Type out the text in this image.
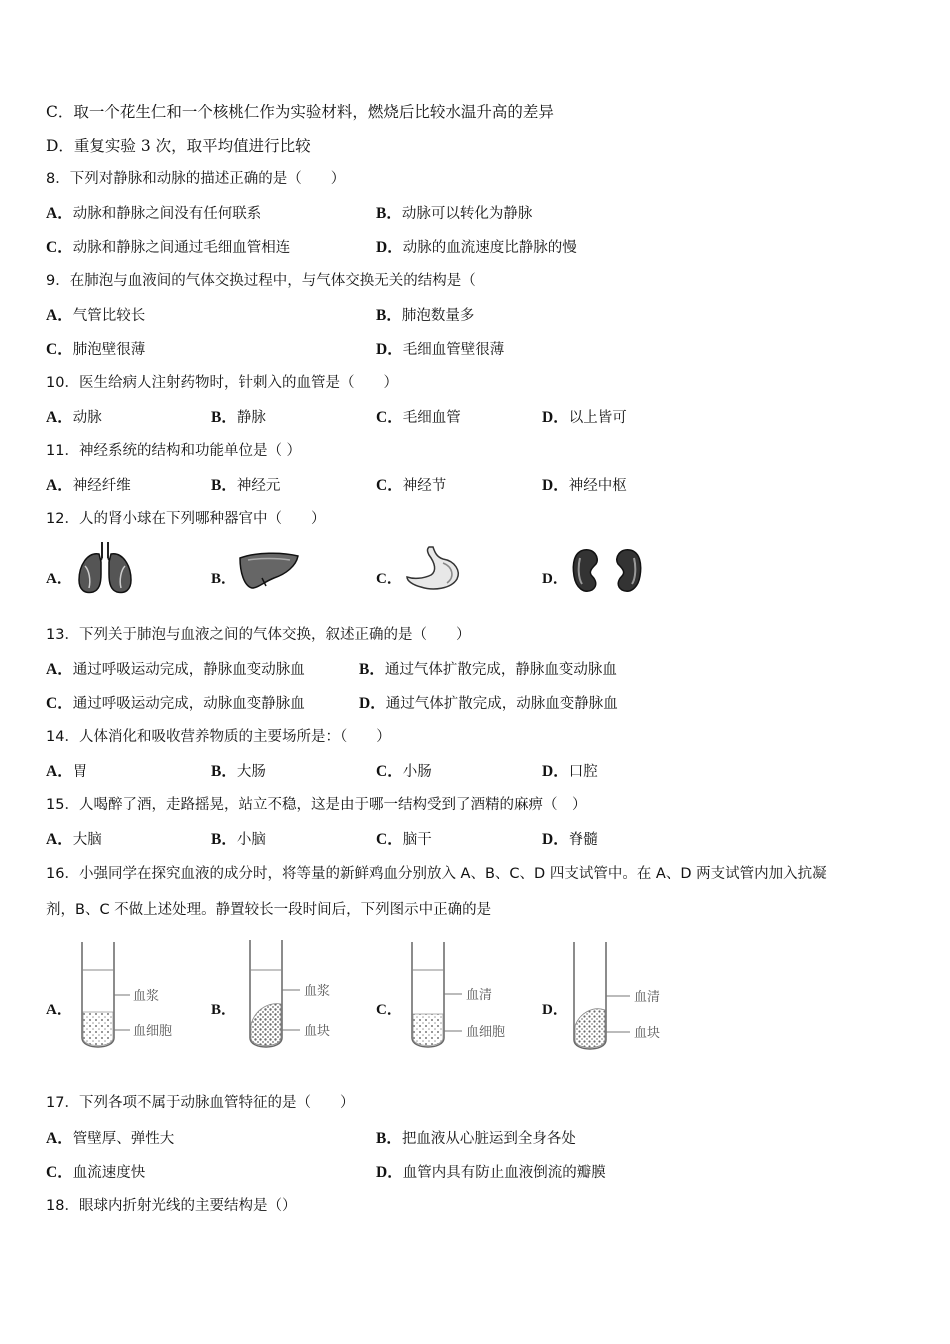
C．取一个花生仁和一个核桃仁作为实验材料，燃烧后比较水温升高的差异
D．重复实验 3 次，取平均值进行比较
8．下列对静脉和动脉的描述正确的是（　　）
A．动脉和静脉之间没有任何联系	B．动脉可以转化为静脉
C．动脉和静脉之间通过毛细血管相连	D．动脉的血流速度比静脉的慢
9．在肺泡与血液间的气体交换过程中，与气体交换无关的结构是（
A．气管比较长	B．肺泡数量多
C．肺泡壁很薄	D．毛细血管壁很薄
10．医生给病人注射药物时，针刺入的血管是（　　）
A．动脉	B．静脉	C．毛细血管	D．以上皆可
11．神经系统的结构和功能单位是（ ）
A．神经纤维	B．神经元	C．神经节	D．神经中枢
12．人的肾小球在下列哪种器官中（　　）
A．	B．	C．	D．
13．下列关于肺泡与血液之间的气体交换，叙述正确的是（　　）
A．通过呼吸运动完成，静脉血变动脉血	B．通过气体扩散完成，静脉血变动脉血
C．通过呼吸运动完成，动脉血变静脉血	D．通过气体扩散完成，动脉血变静脉血
14．人体消化和吸收营养物质的主要场所是：（　　）
A．胃	B．大肠	C．小肠	D．口腔
15．人喝醉了酒，走路摇晃，站立不稳，这是由于哪一结构受到了酒精的麻痹（　）
A．大脑	B．小脑	C．脑干	D．脊髓
16．小强同学在探究血液的成分时，将等量的新鲜鸡血分别放入 A、B、C、D 四支试管中。在 A、D 两支试管内加入抗凝
剂，B、C 不做上述处理。静置较长一段时间后，下列图示中正确的是
A．
血浆
血细胞
B．
血浆
血块
C．
血清
血细胞
D．
血清
血块
17．下列各项不属于动脉血管特征的是（　　）
A．管壁厚、弹性大	B．把血液从心脏运到全身各处
C．血流速度快	D．血管内具有防止血液倒流的瓣膜
18．眼球内折射光线的主要结构是（）
